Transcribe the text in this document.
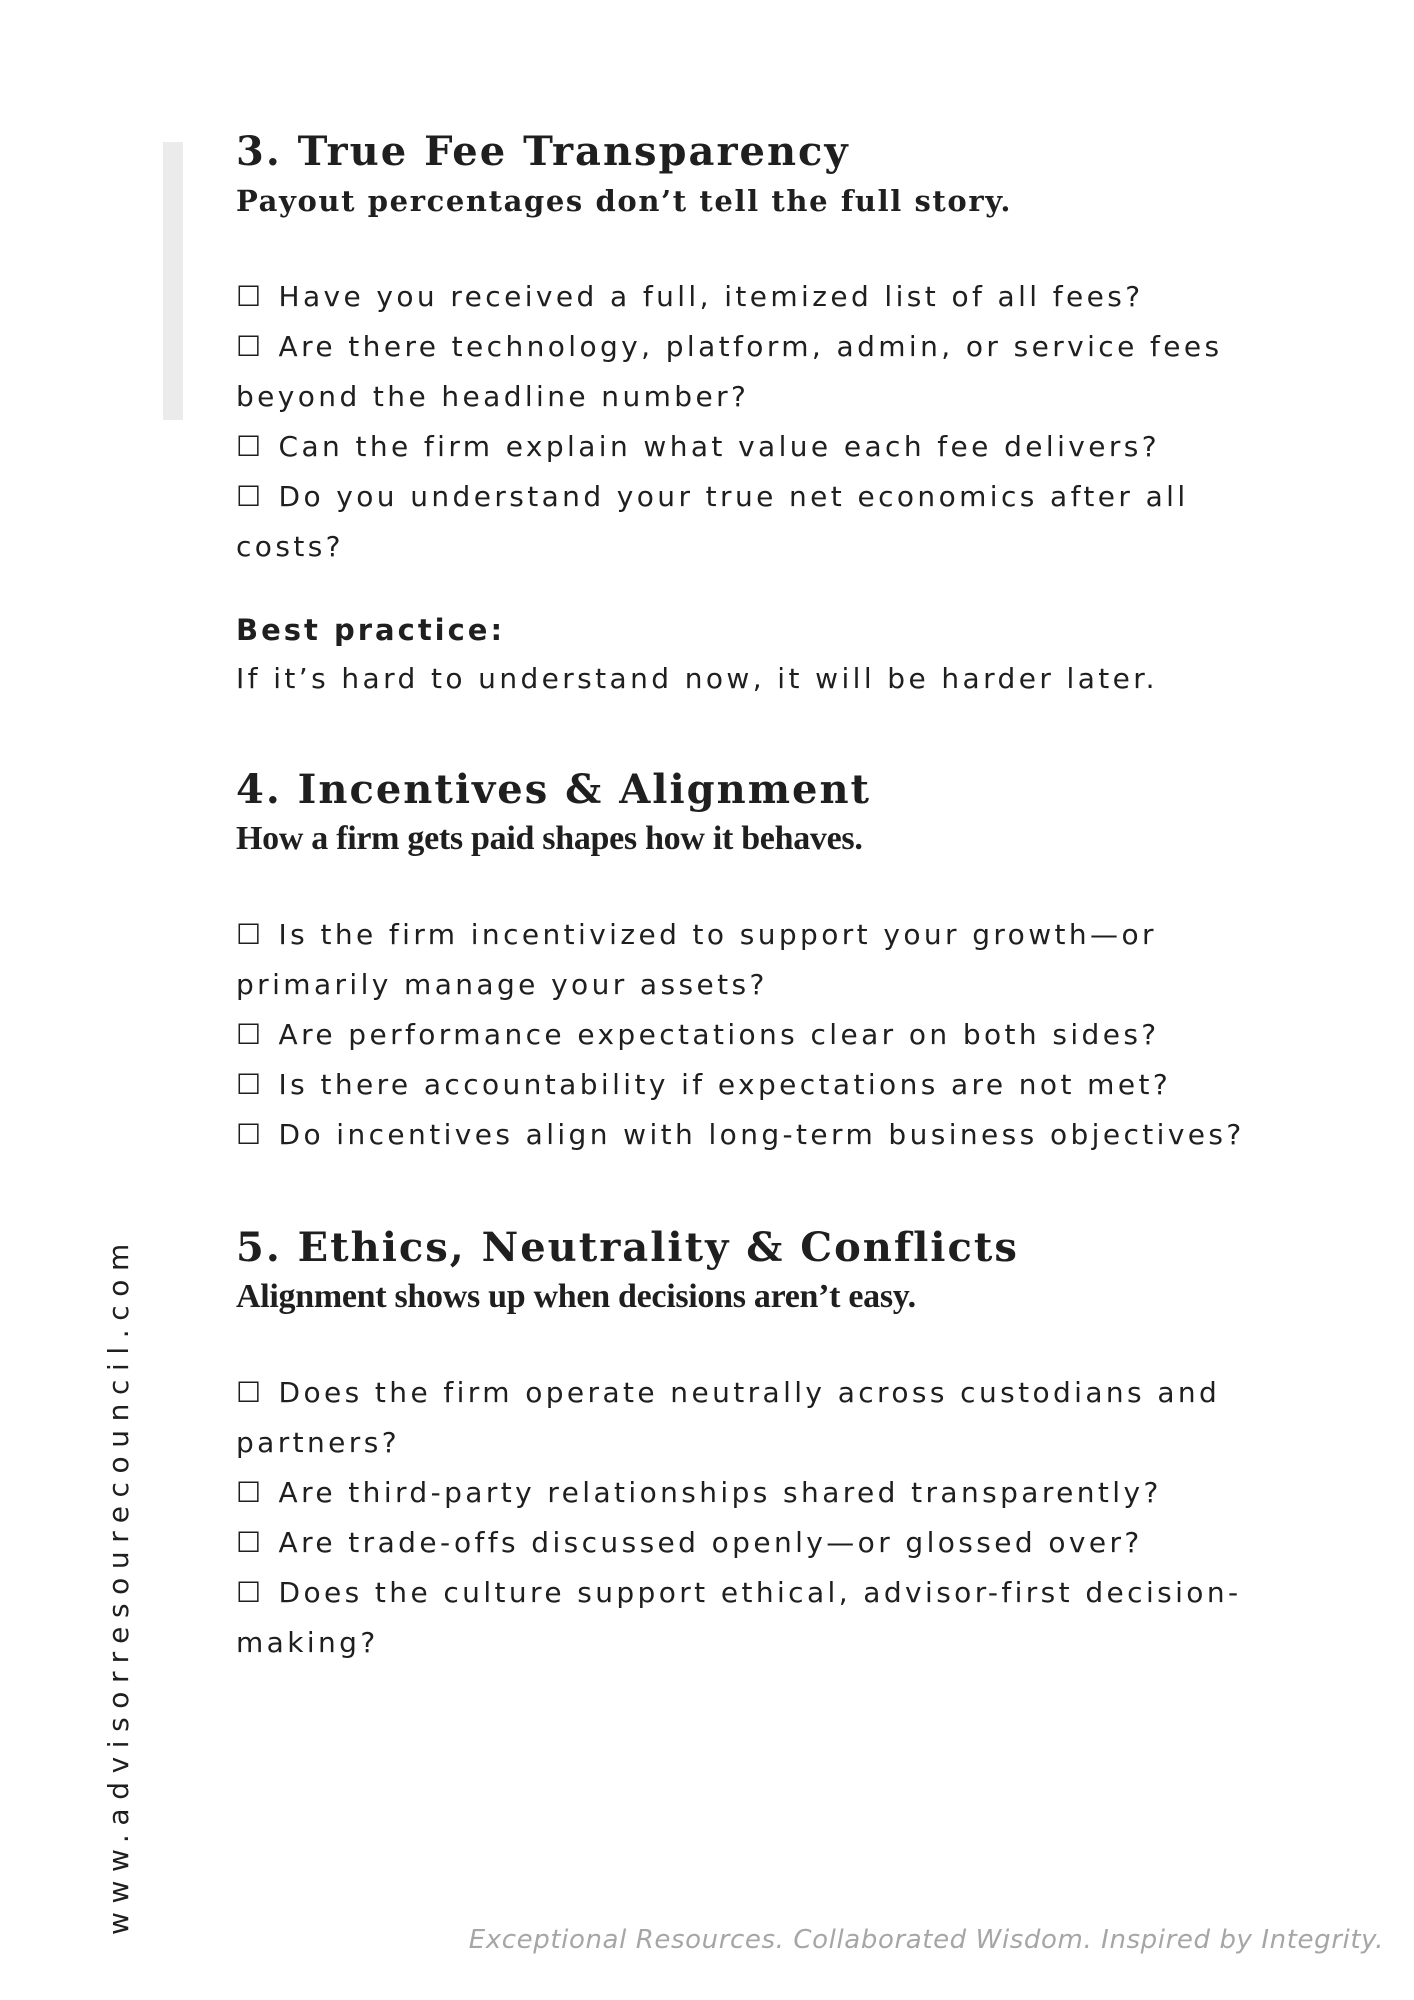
3. True Fee Transparency
Payout percentages don’t tell the full story.

☐ Have you received a full, itemized list of all fees?

☐ Are there technology, platform, admin, or service fees beyond the headline number?

☐ Can the firm explain what value each fee delivers?

☐ Do you understand your true net economics after all costs?

Best practice:
If it’s hard to understand now, it will be harder later.
4. Incentives & Alignment
How a firm gets paid shapes how it behaves.

☐ Is the firm incentivized to support your growth—or primarily manage your assets?

☐ Are performance expectations clear on both sides?

☐ Is there accountability if expectations are not met?

☐ Do incentives align with long-term business objectives?

5. Ethics, Neutrality & Conflicts
Alignment shows up when decisions aren’t easy.

☐ Does the firm operate neutrally across custodians and partners?

☐ Are third-party relationships shared transparently?

☐ Are trade-offs discussed openly—or glossed over?

☐ Does the culture support ethical, advisor-first decision-making?

www.advisorresourecouncil.com
Exceptional Resources. Collaborated Wisdom. Inspired by Integrity.
